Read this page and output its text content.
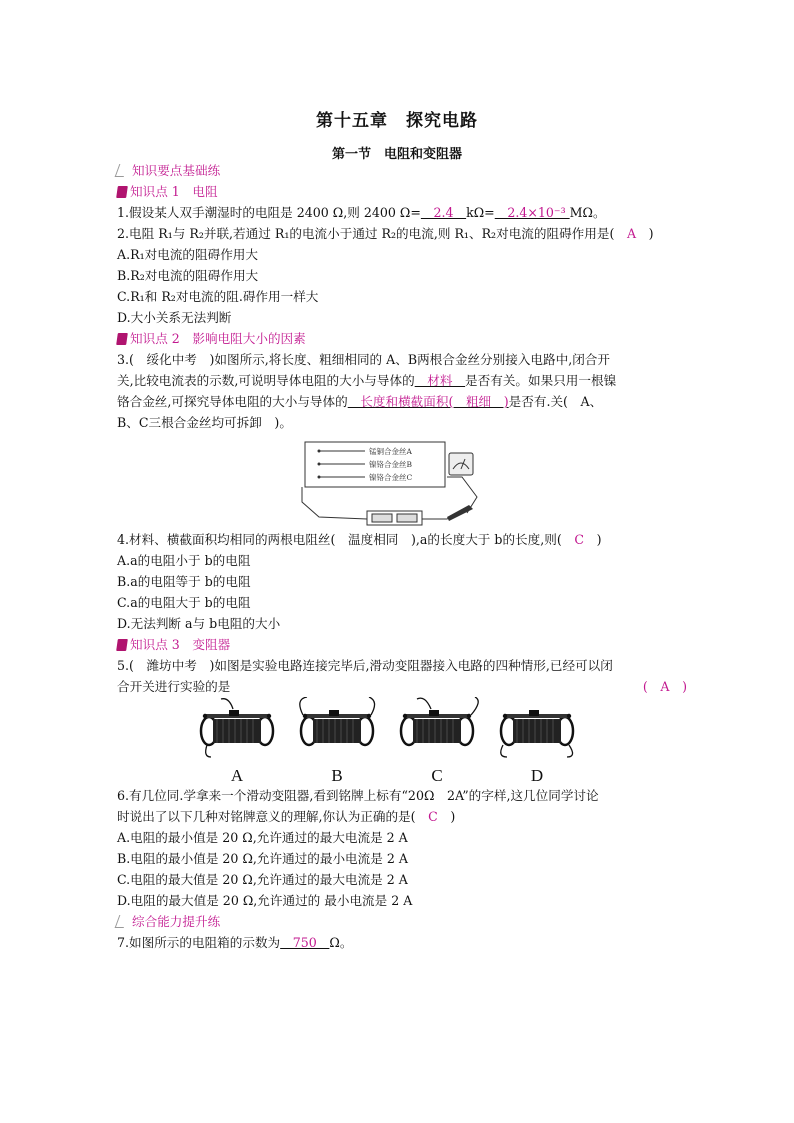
第十五章　探究电路
第一节　电阻和变阻器
知识要点基础练
知识点 1　电阻
1.假设某人双手潮湿时的电阻是 2400 Ω,则 2400 Ω=　2.4　kΩ=　2.4×10⁻³ MΩ。
2.电阻 R₁与 R₂并联,若通过 R₁的电流小于通过 R₂的电流,则 R₁、R₂对电流的阻碍作用是(　A　)
A.R₁对电流的阻碍作用大
B.R₂对电流的阻碍作用大
C.R₁和 R₂对电流的阻.碍作用一样大
D.大小关系无法判断
知识点 2　影响电阻大小的因素
3.(　绥化中考　)如图所示,将长度、粗细相同的 A、B两根合金丝分别接入电路中,闭合开
关,比较电流表的示数,可说明导体电阻的大小与导体的　材料　是否有关。如果只用一根镍
铬合金丝,可探究导体电阻的大小与导体的　长度和横截面积(　粗细　)是否有.关(　A、
B、C三根合金丝均可拆卸　)。
锰铜合金丝A
镍铬合金丝B
镍铬合金丝C
4.材料、横截面积均相同的两根电阻丝(　温度相同　),a的长度大于 b的长度,则(　C　)
A.a的电阻小于 b的电阻
B.a的电阻等于 b的电阻
C.a的电阻大于 b的电阻
D.无法判断 a与 b电阻的大小
知识点 3　变阻器
5.(　潍坊中考　)如图是实验电路连接完毕后,滑动变阻器接入电路的四种情形,已经可以闭
合开关进行实验的是	(　A　)
A	B	C	D
6.有几位同.学拿来一个滑动变阻器,看到铭牌上标有“20Ω　2A”的字样,这几位同学讨论
时说出了以下几种对铭牌意义的理解,你认为正确的是(　C　)
A.电阻的最小值是 20 Ω,允许通过的最大电流是 2 A
B.电阻的最小值是 20 Ω,允许通过的最小电流是 2 A
C.电阻的最大值是 20 Ω,允许通过的最大电流是 2 A
D.电阻的最大值是 20 Ω,允许通过的 最小电流是 2 A
综合能力提升练
7.如图所示的电阻箱的示数为　750　Ω。
